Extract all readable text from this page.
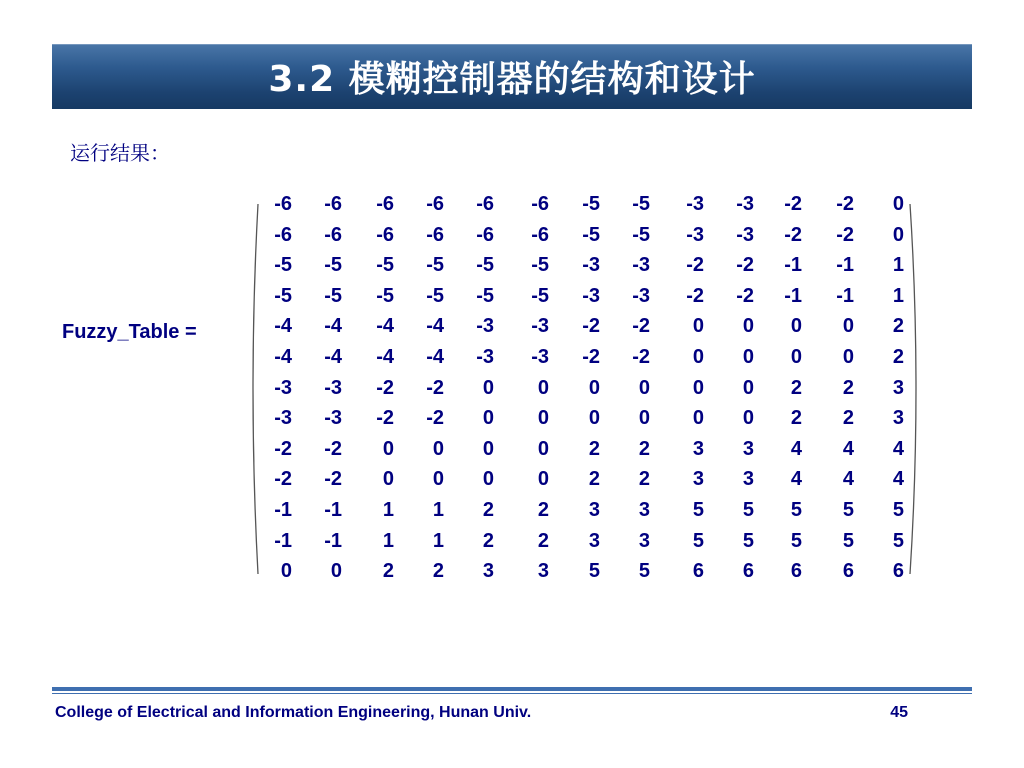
3.2 模糊控制器的结构和设计
运行结果：
Fuzzy_Table =
-6	-6	-6	-6	-6	-6	-5	-5	-3	-3	-2	-2	0
-6	-6	-6	-6	-6	-6	-5	-5	-3	-3	-2	-2	0
-5	-5	-5	-5	-5	-5	-3	-3	-2	-2	-1	-1	1
-5	-5	-5	-5	-5	-5	-3	-3	-2	-2	-1	-1	1
-4	-4	-4	-4	-3	-3	-2	-2	0	0	0	0	2
-4	-4	-4	-4	-3	-3	-2	-2	0	0	0	0	2
-3	-3	-2	-2	0	0	0	0	0	0	2	2	3
-3	-3	-2	-2	0	0	0	0	0	0	2	2	3
-2	-2	0	0	0	0	2	2	3	3	4	4	4
-2	-2	0	0	0	0	2	2	3	3	4	4	4
-1	-1	1	1	2	2	3	3	5	5	5	5	5
-1	-1	1	1	2	2	3	3	5	5	5	5	5
0	0	2	2	3	3	5	5	6	6	6	6	6
College of Electrical and Information Engineering, Hunan Univ.	45
